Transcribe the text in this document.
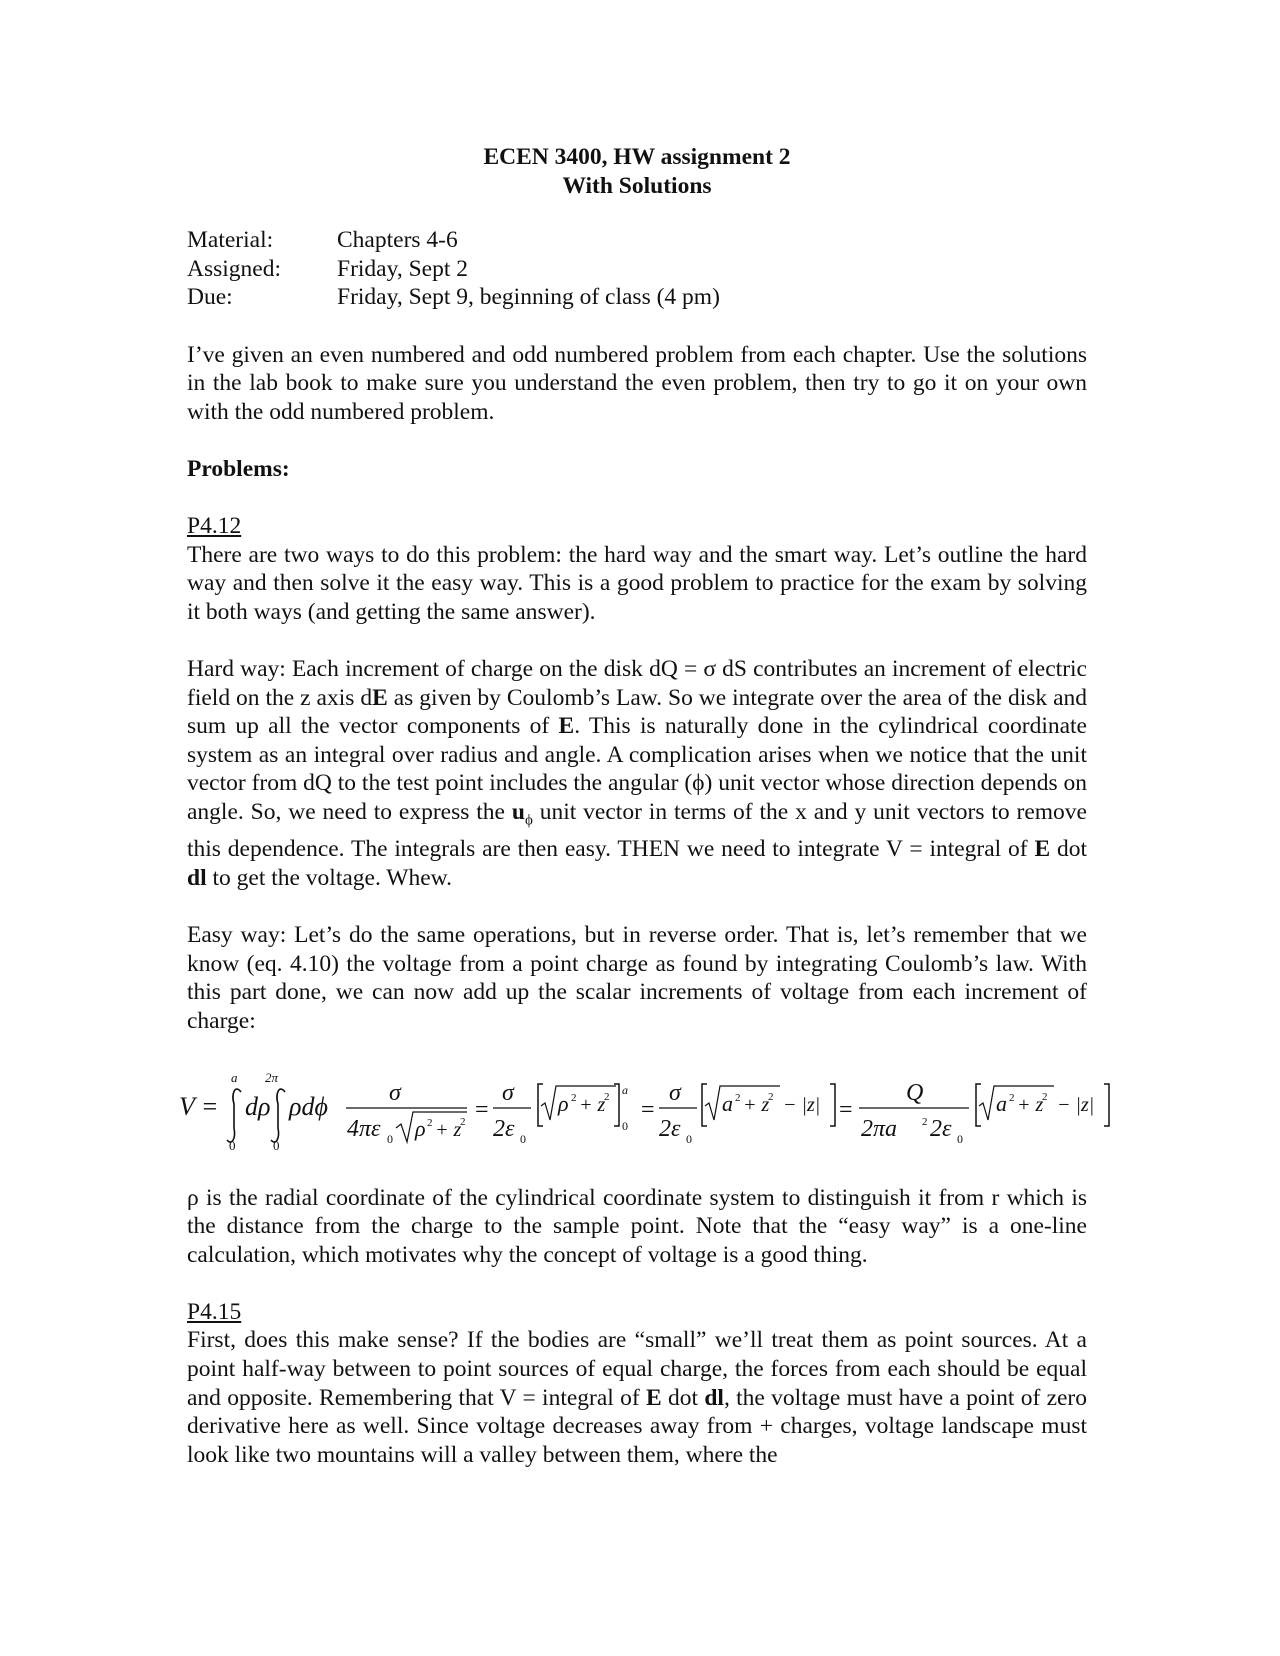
ECEN 3400, HW assignment 2
With Solutions
Material:	Chapters 4-6
Assigned:	Friday, Sept 2
Due:	Friday, Sept 9, beginning of class (4 pm)

I’ve given an even numbered and odd numbered problem from each chapter. Use the solutions in the lab book to make sure you understand the even problem, then try to go it on your own with the odd numbered problem.

Problems:
P4.12

There are two ways to do this problem: the hard way and the smart way. Let’s outline the hard way and then solve it the easy way. This is a good problem to practice for the exam by solving it both ways (and getting the same answer).

Hard way: Each increment of charge on the disk dQ = σ dS contributes an increment of electric field on the z axis dE as given by Coulomb’s Law. So we integrate over the area of the disk and sum up all the vector components of E. This is naturally done in the cylindrical coordinate system as an integral over radius and angle. A complication arises when we notice that the unit vector from dQ to the test point includes the angular (ϕ) unit vector whose direction depends on angle. So, we need to express the $u_\phi$ unit vector in terms of the x and y unit vectors to remove this dependence. The integrals are then easy. THEN we need to integrate V = integral of E dot dl to get the voltage. Whew.

Easy way: Let’s do the same operations, but in reverse order. That is, let’s remember that we know (eq. 4.10) the voltage from a point charge as found by integrating Coulomb’s law. With this part done, we can now add up the scalar increments of voltage from each increment of charge:

V =
a
0
dρ
2π
0
ρdϕ	σ
4πε 0 ρ 2 + z
2 =
σ
2ε 0
ρ 2 + z
2 a
0
=
σ
2ε 0
a 2 + z
2 − |z| =
Q
2πa 2 2ε 0
a 2 + z
2 − |z|

ρ is the radial coordinate of the cylindrical coordinate system to distinguish it from r which is the distance from the charge to the sample point. Note that the “easy way” is a one-line calculation, which motivates why the concept of voltage is a good thing.

P4.15

First, does this make sense? If the bodies are “small” we’ll treat them as point sources. At a point half-way between to point sources of equal charge, the forces from each should be equal and opposite. Remembering that V = integral of E dot dl, the voltage must have a point of zero derivative here as well. Since voltage decreases away from + charges, voltage landscape must look like two mountains will a valley between them, where the
